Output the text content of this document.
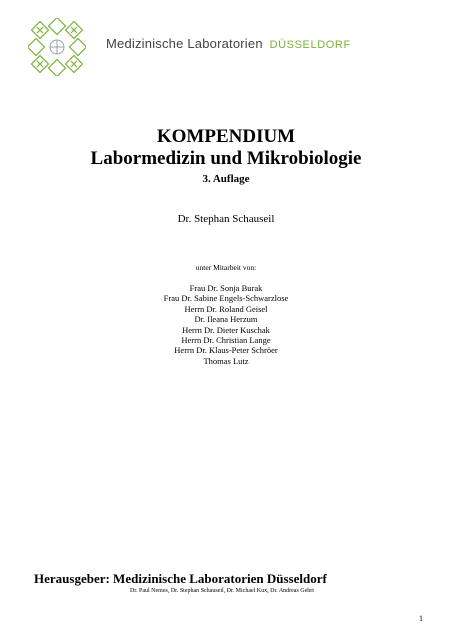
Medizinische Laboratorien DÜSSELDORF
KOMPENDIUM
Labormedizin und Mikrobiologie
3. Auflage
Dr. Stephan Schauseil
unter Mitarbeit von:
Frau Dr. Sonja Burak
Frau Dr. Sabine Engels-Schwarzlose
Herrn Dr. Roland Geisel
Dr. Ileana Herzum
Herrn Dr. Dieter Kuschak
Herrn Dr. Christian Lange
Herrn Dr. Klaus-Peter Schröer
Thomas Lutz
Herausgeber: Medizinische Laboratorien Düsseldorf
Dr. Paul Nemes, Dr. Stephan Schauseil, Dr. Michael Kux, Dr. Andreas Gehrt
1
